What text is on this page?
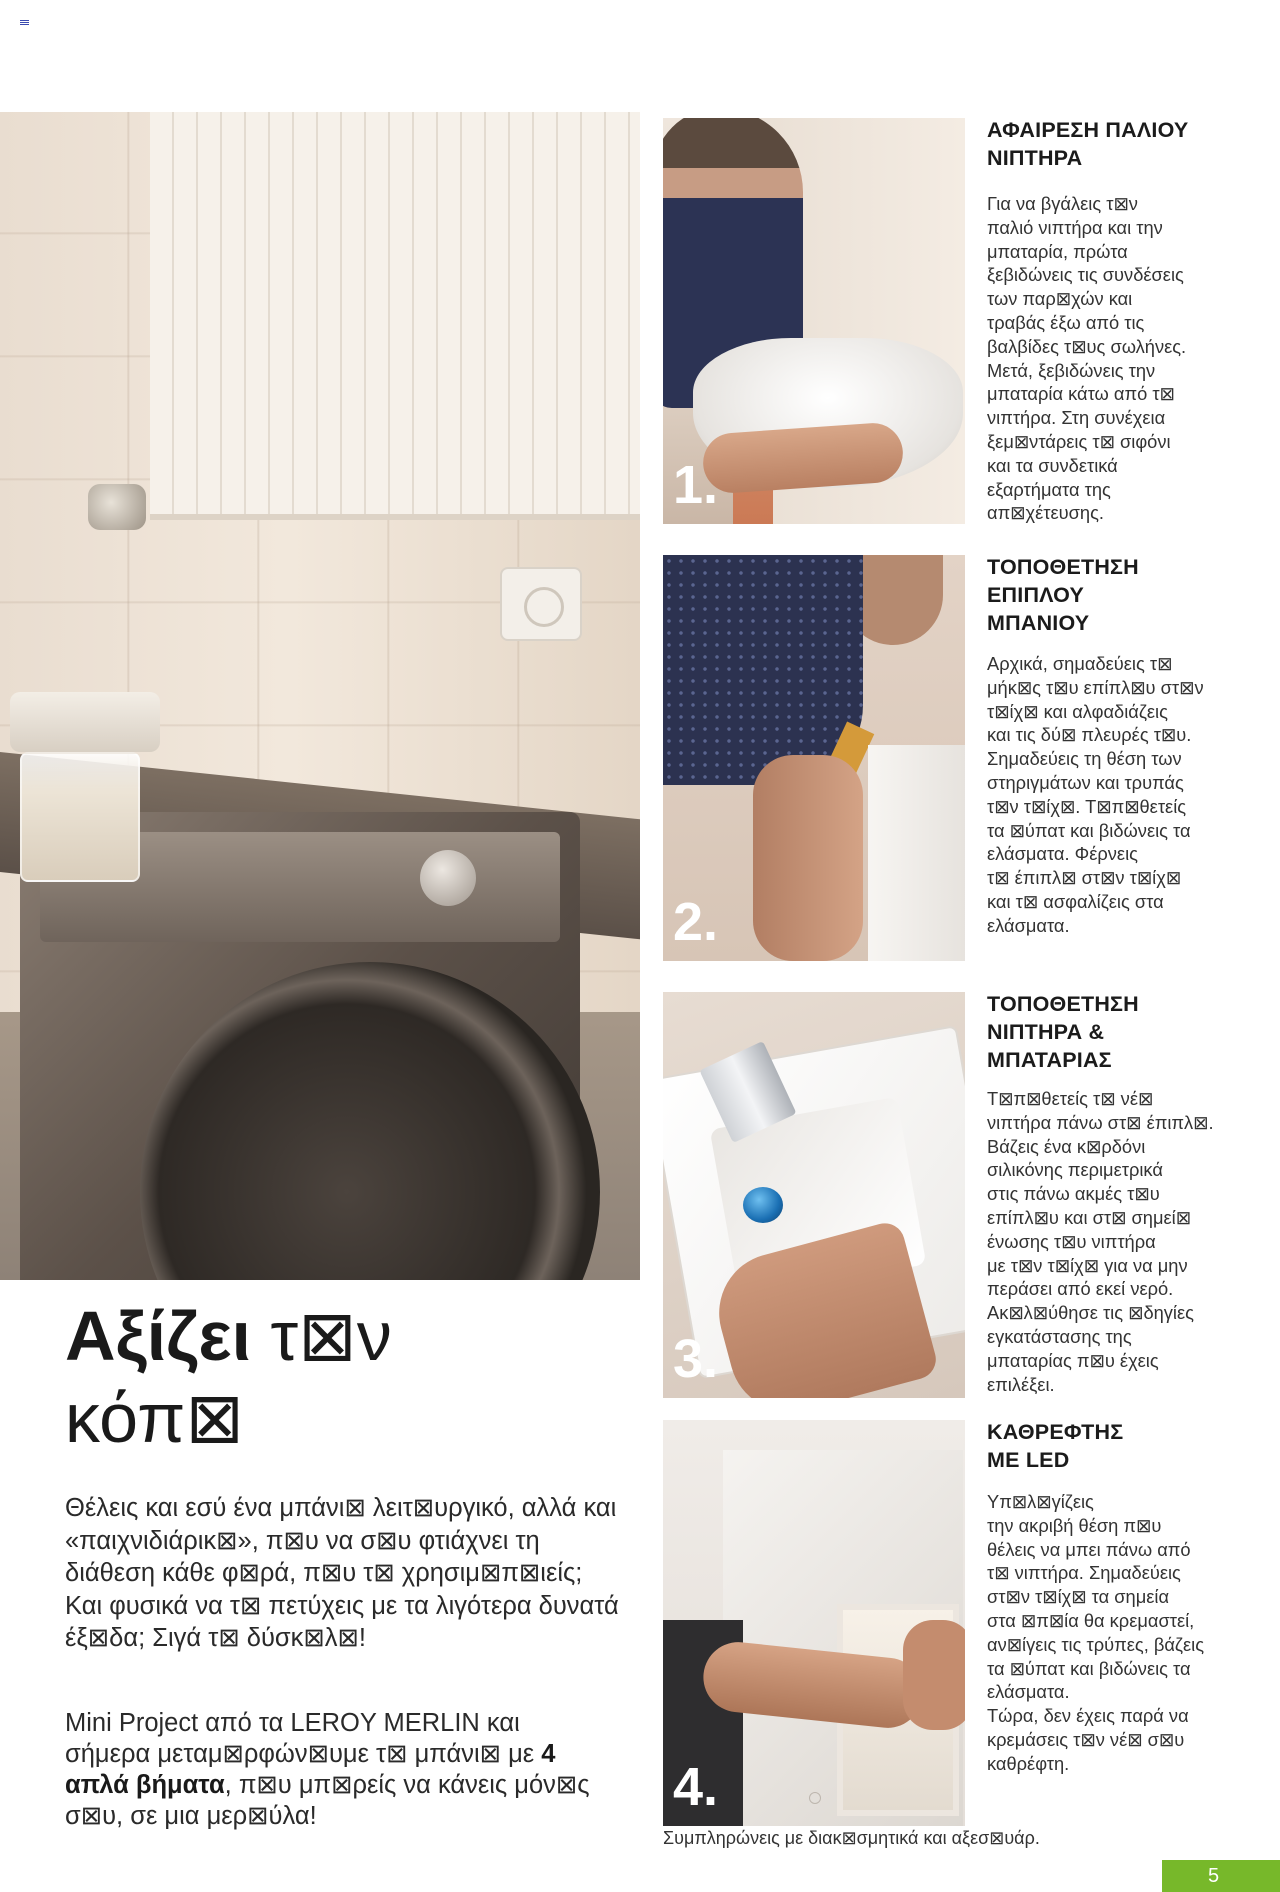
Αξίζει τ⊠ν
κόπ⊠

Θέλεις και εσύ ένα μπάνι⊠ λειτ⊠υργικό, αλλά και «παιχνιδιάρικ⊠», π⊠υ να σ⊠υ φτιάχνει τη διάθεση κάθε φ⊠ρά, π⊠υ τ⊠ χρησιμ⊠π⊠ιείς; Και φυσικά να τ⊠ πετύχεις με τα λιγότερα δυνατά έξ⊠δα; Σιγά τ⊠ δύσκ⊠λ⊠!

Mini Project από τα LEROY MERLIN και σήμερα μεταμ⊠ρφών⊠υμε τ⊠ μπάνι⊠ με 4 απλά βήματα, π⊠υ μπ⊠ρείς να κάνεις μόν⊠ς σ⊠υ, σε μια μερ⊠ύλα!

1.
ΑΦΑΙΡΕΣΗ ΠΑΛΙΟΥ
ΝΙΠΤΗΡΑ

Για να βγάλεις τ⊠ν
παλιό νιπτήρα και την
μπαταρία, πρώτα
ξεβιδώνεις τις συνδέσεις
των παρ⊠χών και
τραβάς έξω από τις
βαλβίδες τ⊠υς σωλήνες.
Μετά, ξεβιδώνεις την
μπαταρία κάτω από τ⊠
νιπτήρα. Στη συνέχεια
ξεμ⊠ντάρεις τ⊠ σιφόνι
και τα συνδετικά
εξαρτήματα της
απ⊠χέτευσης.

2.
ΤΟΠΟΘΕΤΗΣΗ
ΕΠΙΠΛΟΥ
ΜΠΑΝΙΟΥ

Αρχικά, σημαδεύεις τ⊠
μήκ⊠ς τ⊠υ επίπλ⊠υ στ⊠ν
τ⊠ίχ⊠ και αλφαδιάζεις
και τις δύ⊠ πλευρές τ⊠υ.
Σημαδεύεις τη θέση των
στηριγμάτων και τρυπάς
τ⊠ν τ⊠ίχ⊠. Τ⊠π⊠θετείς
τα ⊠ύπατ και βιδώνεις τα
ελάσματα. Φέρνεις
τ⊠ έπιπλ⊠ στ⊠ν τ⊠ίχ⊠
και τ⊠ ασφαλίζεις στα
ελάσματα.

3.
ΤΟΠΟΘΕΤΗΣΗ
ΝΙΠΤΗΡΑ &
ΜΠΑΤΑΡΙΑΣ

Τ⊠π⊠θετείς τ⊠ νέ⊠
νιπτήρα πάνω στ⊠ έπιπλ⊠.
Βάζεις ένα κ⊠ρδόνι
σιλικόνης περιμετρικά
στις πάνω ακμές τ⊠υ
επίπλ⊠υ και στ⊠ σημεί⊠
ένωσης τ⊠υ νιπτήρα
με τ⊠ν τ⊠ίχ⊠ για να μην
περάσει από εκεί νερό.
Ακ⊠λ⊠ύθησε τις ⊠δηγίες
εγκατάστασης της
μπαταρίας π⊠υ έχεις
επιλέξει.

4.
ΚΑΘΡΕΦΤΗΣ
ΜΕ LED

Υπ⊠λ⊠γίζεις
την ακριβή θέση π⊠υ
θέλεις να μπει πάνω από
τ⊠ νιπτήρα. Σημαδεύεις
στ⊠ν τ⊠ίχ⊠ τα σημεία
στα ⊠π⊠ία θα κρεμαστεί,
αν⊠ίγεις τις τρύπες, βάζεις
τα ⊠ύπατ και βιδώνεις τα
ελάσματα.
Τώρα, δεν έχεις παρά να
κρεμάσεις τ⊠ν νέ⊠ σ⊠υ
καθρέφτη.

Συμπληρώνεις με διακ⊠σμητικά και αξεσ⊠υάρ.
5
